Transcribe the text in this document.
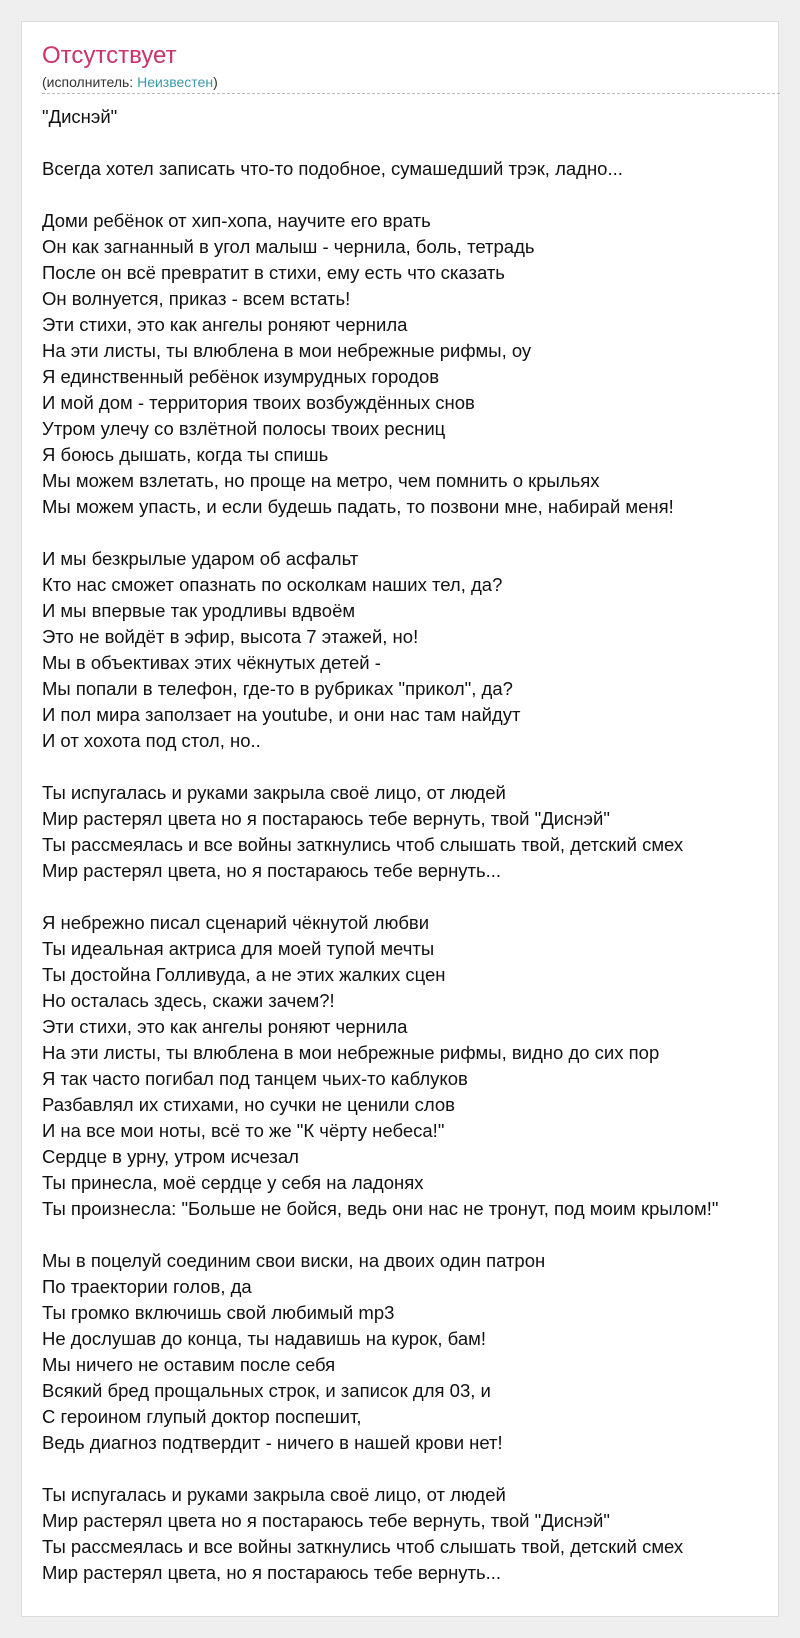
Отсутствует
(исполнитель: Неизвестен)
"Диснэй"
Всегда хотел записать что-то подобное, сумашедший трэк, ладно...
Доми ребёнок от хип-хопа, научите его врать
Он как загнанный в угол малыш - чернила, боль, тетрадь
После он всё превратит в стихи, ему есть что сказать
Он волнуется, приказ - всем встать!
Эти стихи, это как ангелы роняют чернила
На эти листы, ты влюблена в мои небрежные рифмы, оу
Я единственный ребёнок изумрудных городов
И мой дом - территория твоих возбуждённых снов
Утром улечу со взлётной полосы твоих ресниц
Я боюсь дышать, когда ты спишь
Мы можем взлетать, но проще на метро, чем помнить о крыльях
Мы можем упасть, и если будешь падать, то позвони мне, набирай меня!
И мы безкрылые ударом об асфальт
Кто нас сможет опазнать по осколкам наших тел, да?
И мы впервые так уродливы вдвоём
Это не войдёт в эфир, высота 7 этажей, но!
Мы в объективах этих чёкнутых детей -
Мы попали в телефон, где-то в рубриках "прикол", да?
И пол мира заползает на youtube, и они нас там найдут
И от хохота под стол, но..
Ты испугалась и руками закрыла своё лицо, от людей
Мир растерял цвета но я постараюсь тебе вернуть, твой "Диснэй"
Ты рассмеялась и все войны заткнулись чтоб слышать твой, детский смех
Мир растерял цвета, но я постараюсь тебе вернуть...
Я небрежно писал сценарий чёкнутой любви
Ты идеальная актриса для моей тупой мечты
Ты достойна Голливуда, а не этих жалких сцен
Но осталась здесь, скажи зачем?!
Эти стихи, это как ангелы роняют чернила
На эти листы, ты влюблена в мои небрежные рифмы, видно до сих пор
Я так часто погибал под танцем чьих-то каблуков
Разбавлял их стихами, но сучки не ценили слов
И на все мои ноты, всё то же "К чёрту небеса!"
Сердце в урну, утром исчезал
Ты принесла, моё сердце у себя на ладонях
Ты произнесла: "Больше не бойся, ведь они нас не тронут, под моим крылом!"
Мы в поцелуй соединим свои виски, на двоих один патрон
По траектории голов, да
Ты громко включишь свой любимый mp3
Не дослушав до конца, ты надавишь на курок, бам!
Мы ничего не оставим после себя
Всякий бред прощальных строк, и записок для 03, и
С героином глупый доктор поспешит,
Ведь диагноз подтвердит - ничего в нашей крови нет!
Ты испугалась и руками закрыла своё лицо, от людей
Мир растерял цвета но я постараюсь тебе вернуть, твой "Диснэй"
Ты рассмеялась и все войны заткнулись чтоб слышать твой, детский смех
Мир растерял цвета, но я постараюсь тебе вернуть...
